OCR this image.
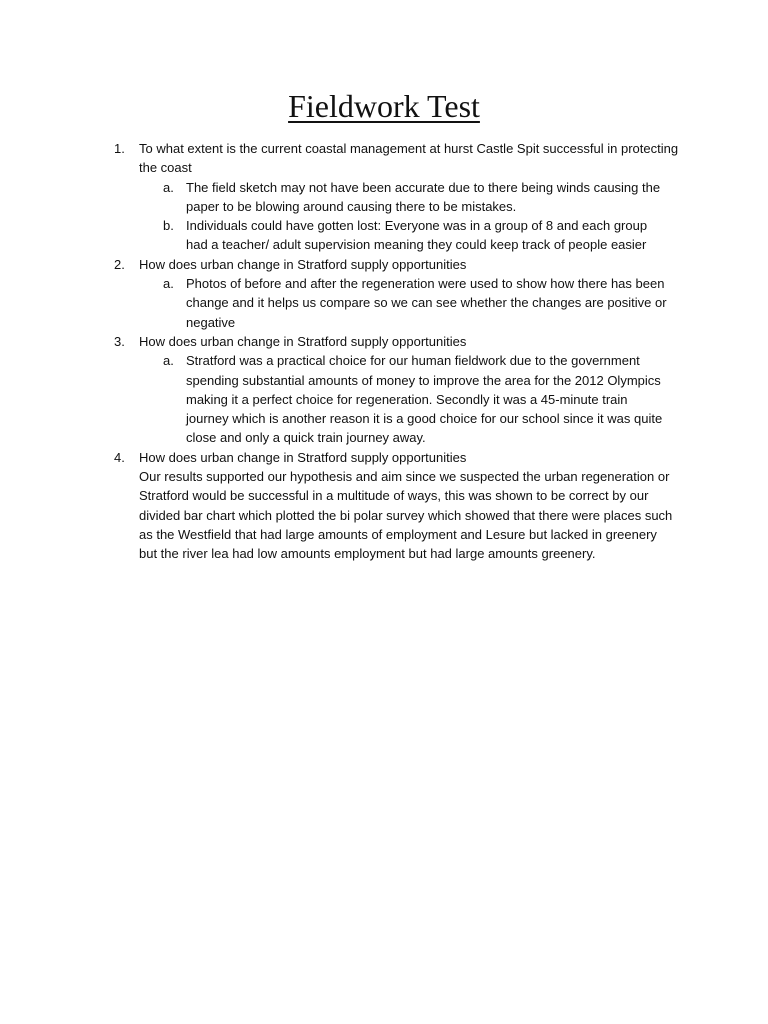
Fieldwork Test
1. To what extent is the current coastal management at hurst Castle Spit successful in protecting the coast
a. The field sketch may not have been accurate due to there being winds causing the paper to be blowing around causing there to be mistakes.
b. Individuals could have gotten lost: Everyone was in a group of 8 and each group had a teacher/ adult supervision meaning they could keep track of people easier
2. How does urban change in Stratford supply opportunities
a. Photos of before and after the regeneration were used to show how there has been change and it helps us compare so we can see whether the changes are positive or negative
3. How does urban change in Stratford supply opportunities
a. Stratford was a practical choice for our human fieldwork due to the government spending substantial amounts of money to improve the area for the 2012 Olympics making it a perfect choice for regeneration. Secondly it was a 45-minute train journey which is another reason it is a good choice for our school since it was quite close and only a quick train journey away.
4. How does urban change in Stratford supply opportunities

Our results supported our hypothesis and aim since we suspected the urban regeneration or Stratford would be successful in a multitude of ways, this was shown to be correct by our divided bar chart which plotted the bi polar survey which showed that there were places such as the Westfield that had large amounts of employment and Lesure but lacked in greenery but the river lea had low amounts employment but had large amounts greenery.
